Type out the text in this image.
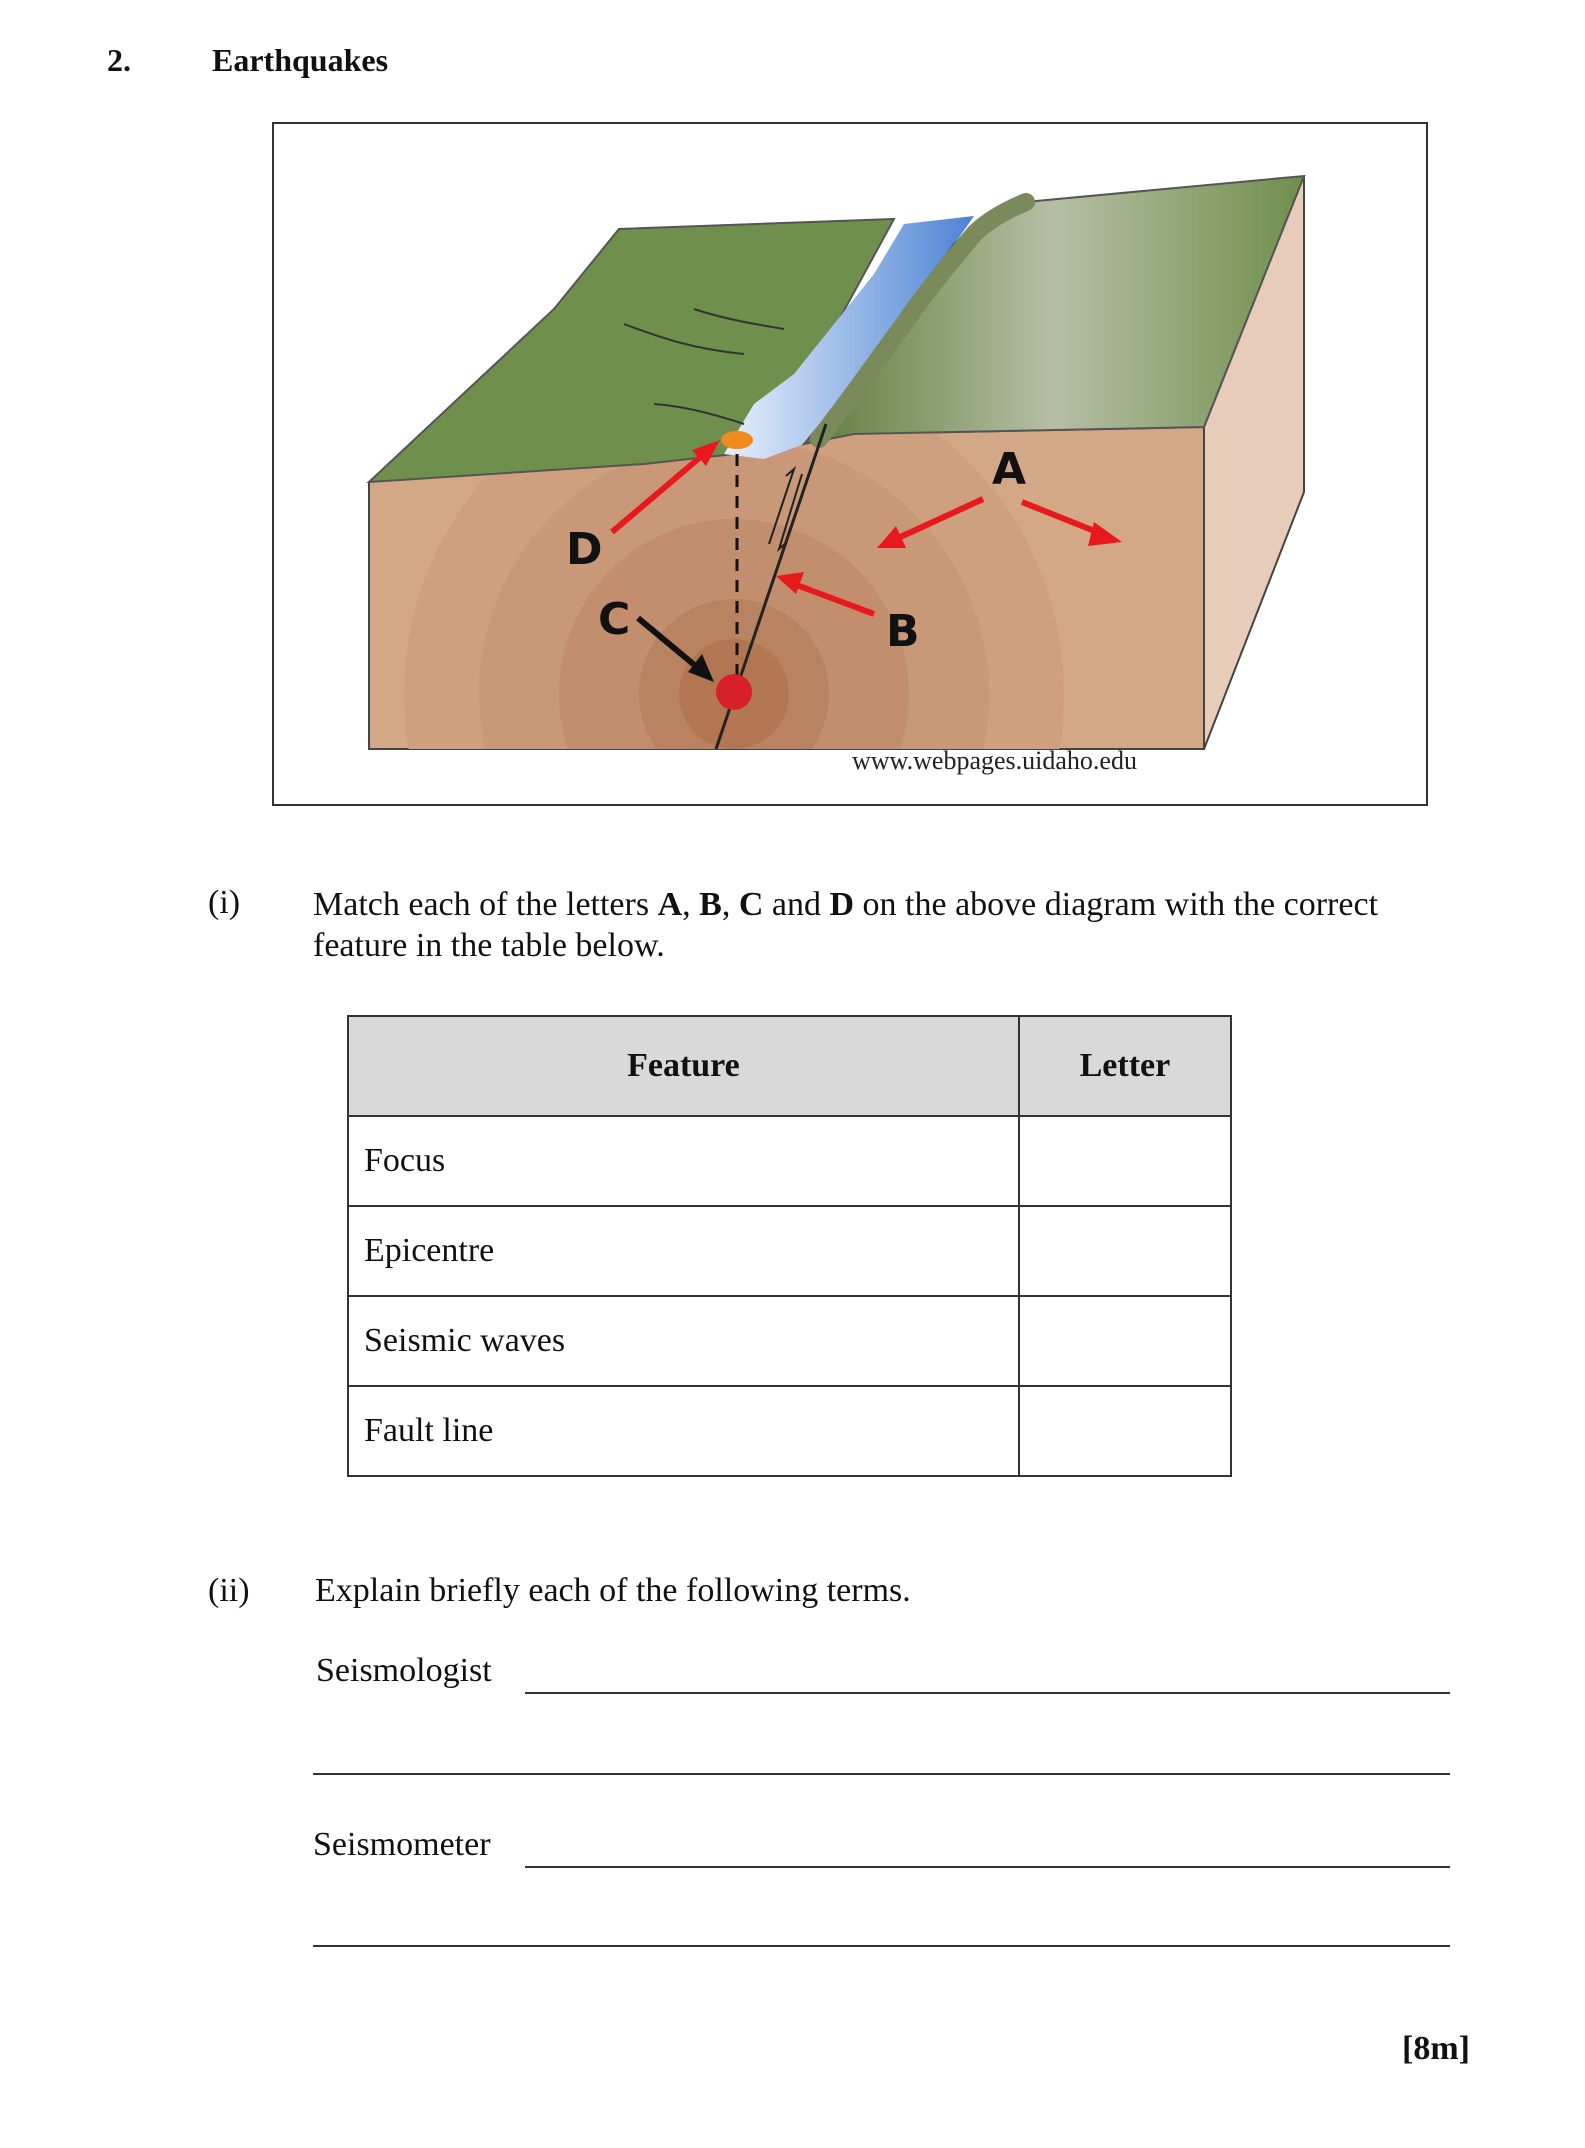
2.	Earthquakes
A
B
C
D
www.webpages.uidaho.edu
(i) Match each of the letters A, B, C and D on the above diagram with the correct feature in the table below.
Feature	Letter
Focus	
Epicentre	
Seismic waves	
Fault line	
(ii) Explain briefly each of the following terms.
Seismologist
Seismometer
[8m]
